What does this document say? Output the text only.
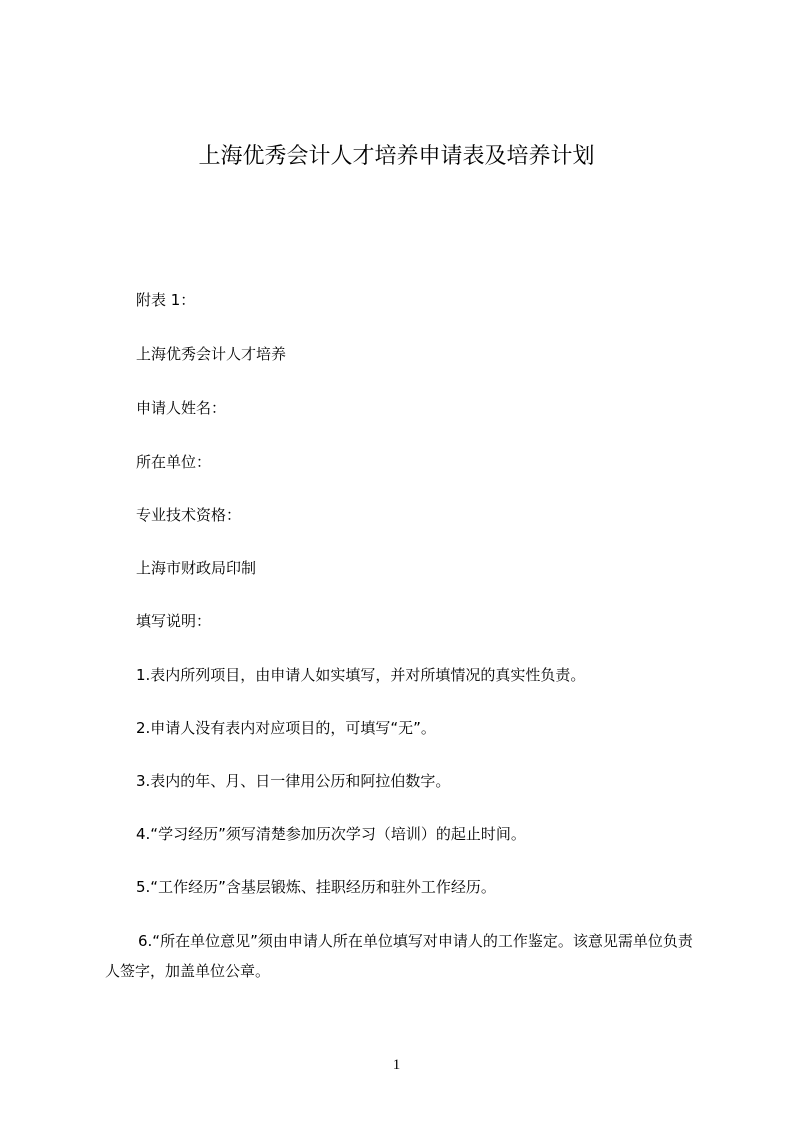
上海优秀会计人才培养申请表及培养计划
附表 1：
上海优秀会计人才培养
申请人姓名：
所在单位：
专业技术资格：
上海市财政局印制
填写说明：
1.表内所列项目，由申请人如实填写，并对所填情况的真实性负责。
2.申请人没有表内对应项目的，可填写“无”。
3.表内的年、月、日一律用公历和阿拉伯数字。
4.“学习经历”须写清楚参加历次学习（培训）的起止时间。
5.“工作经历”含基层锻炼、挂职经历和驻外工作经历。
6.“所在单位意见”须由申请人所在单位填写对申请人的工作鉴定。该意见需单位负责人签字，加盖单位公章。
1
